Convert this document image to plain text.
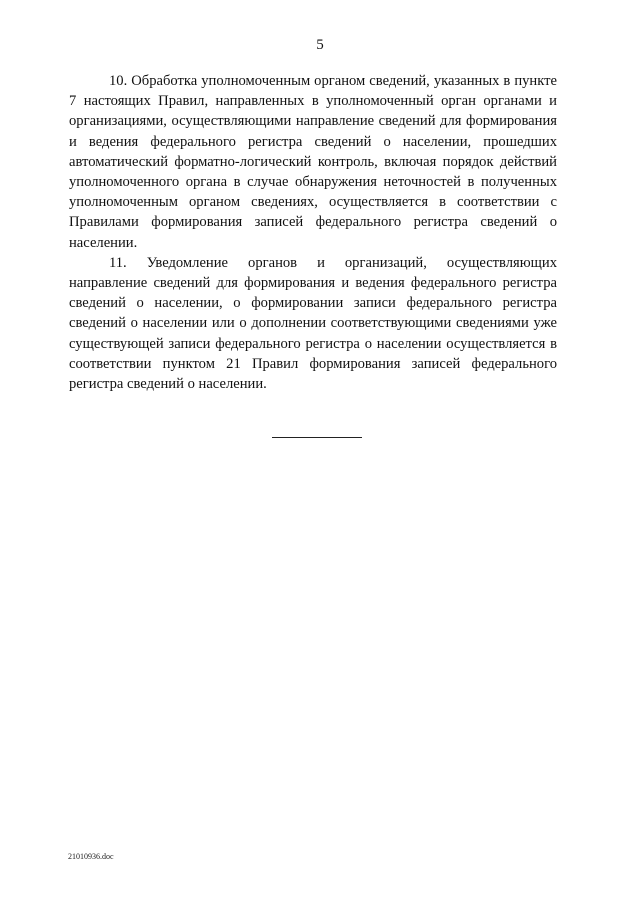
5

10. Обработка уполномоченным органом сведений, указанных в пункте 7 настоящих Правил, направленных в уполномоченный орган органами и организациями, осуществляющими направление сведений для формирования и ведения федерального регистра сведений о населении, прошедших автоматический форматно-логический контроль, включая порядок действий уполномоченного органа в случае обнаружения неточностей в полученных уполномоченным органом сведениях, осуществляется в соответствии с Правилами формирования записей федерального регистра сведений о населении.

11. Уведомление органов и организаций, осуществляющих направление сведений для формирования и ведения федерального регистра сведений о населении, о формировании записи федерального регистра сведений о населении или о дополнении соответствующими сведениями уже существующей записи федерального регистра о населении осуществляется в соответствии пунктом 21 Правил формирования записей федерального регистра сведений о населении.

21010936.doc
